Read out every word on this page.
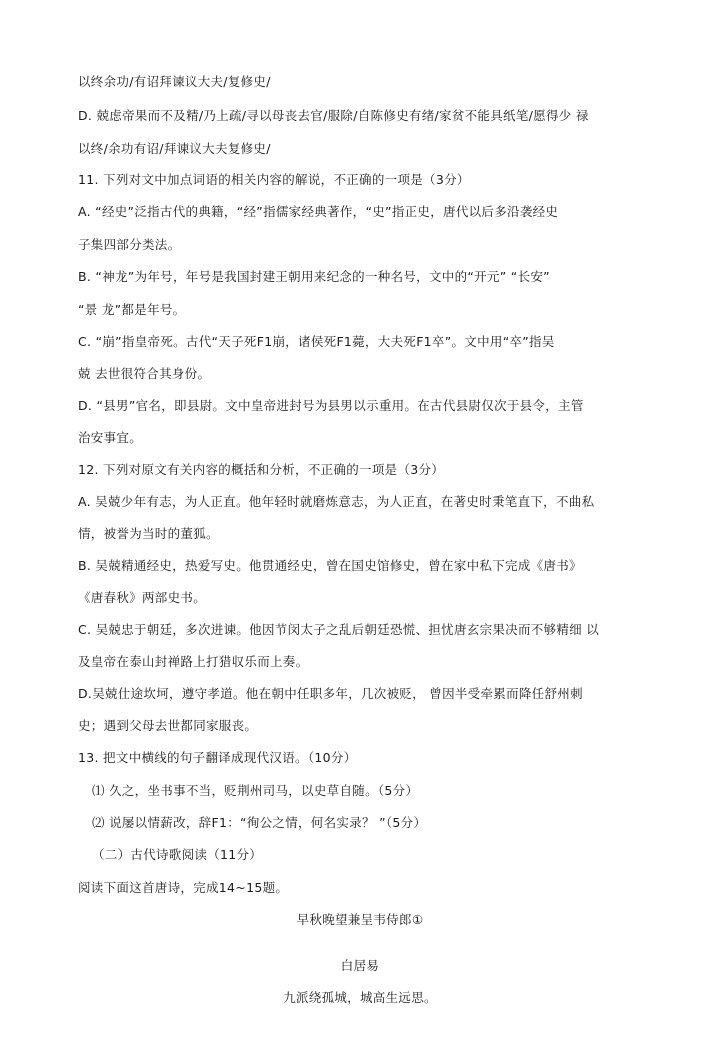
以终余功/有诏拜谏议大夫/复修史/
D. 兢虑帝果而不及精/乃上疏/寻以母丧去官/服除/自陈修史有绪/家贫不能具纸笔/愿得少 禄
以终/余功有诏/拜谏议大夫复修史/
11. 下列对文中加点词语的相关内容的解说，不正确的一项是（3分）
A. “经史”泛指古代的典籍，“经”指儒家经典著作，“史”指正史，唐代以后多沿袭经史
子集四部分类法。
B. “神龙”为年号，年号是我国封建王朝用来纪念的一种名号，文中的“开元” “长安”
“景 龙”都是年号。
C. “崩”指皇帝死。古代“天子死F1崩，诸侯死F1薨，大夫死F1卒”。文中用“卒”指吴
兢 去世很符合其身份。
D. “县男”官名，即县尉。文中皇帝进封号为县男以示重用。在古代县尉仅次于县令，主管
治安事宜。
12. 下列对原文有关内容的概括和分析，不正确的一项是（3分）
A. 吴兢少年有志，为人正直。他年轻时就磨炼意志，为人正直，在著史时秉笔直下，不曲私
情，被誉为当时的董狐。
B. 吴兢精通经史，热爱写史。他贯通经史，曾在国史馆修史，曾在家中私下完成《唐书》
《唐春秋》两部史书。
C. 吴兢忠于朝廷，多次进谏。他因节闵太子之乱后朝廷恐慌、担忧唐玄宗果决而不够精细 以
及皇帝在泰山封禅路上打猎収乐而上奏。
D.吴兢仕途坎坷，遵守孝道。他在朝中任职多年，几次被贬， 曾因半受牵累而降任舒州刺
史；遇到父母去世都同家服丧。
13. 把文中横线的句子翻译成现代汉语。（10分）
⑴ 久之，坐书事不当，贬荆州司马，以史草自随。（5分）
⑵ 说屡以情薪改，辞F1：“徇公之情，何名实录？ ”（5分）
（二）古代诗歌阅读（11分）
阅读下面这首唐诗，完成14~15题。
早秋晚望兼呈韦侍郎①
白居易
九派绕孤城，城高生远思。
